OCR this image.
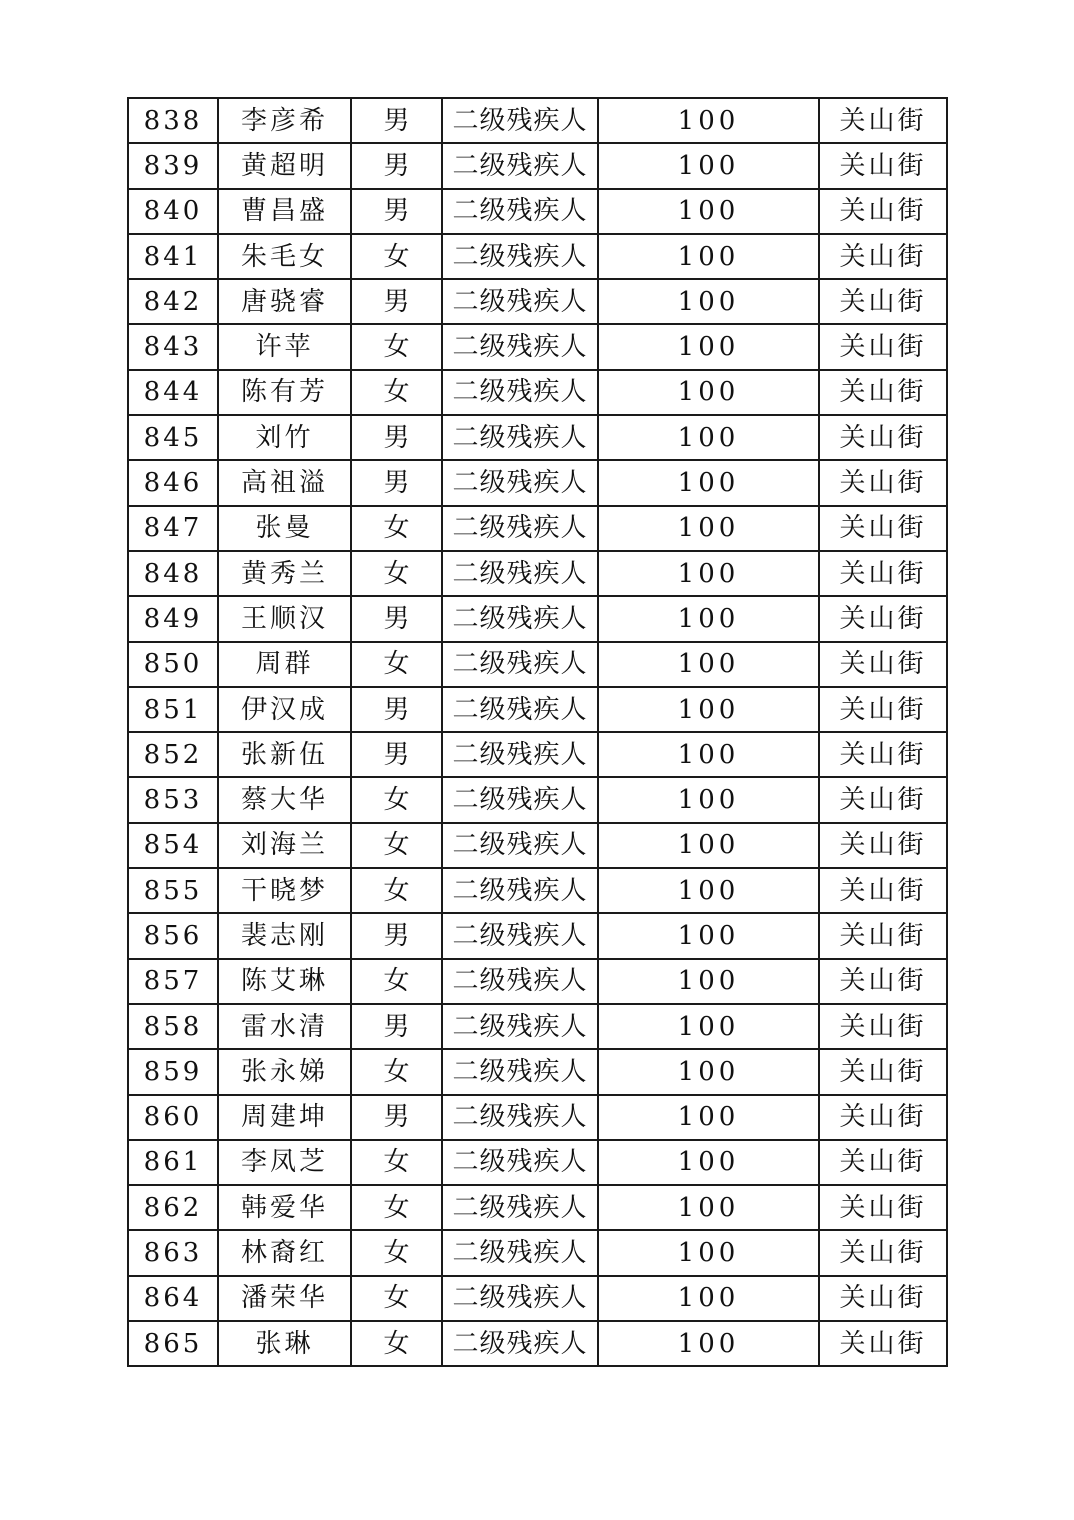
838	李彦希	男	二级残疾人	100	关山街
839	黄超明	男	二级残疾人	100	关山街
840	曹昌盛	男	二级残疾人	100	关山街
841	朱毛女	女	二级残疾人	100	关山街
842	唐骁睿	男	二级残疾人	100	关山街
843	许苹	女	二级残疾人	100	关山街
844	陈有芳	女	二级残疾人	100	关山街
845	刘竹	男	二级残疾人	100	关山街
846	高祖溢	男	二级残疾人	100	关山街
847	张曼	女	二级残疾人	100	关山街
848	黄秀兰	女	二级残疾人	100	关山街
849	王顺汉	男	二级残疾人	100	关山街
850	周群	女	二级残疾人	100	关山街
851	伊汉成	男	二级残疾人	100	关山街
852	张新伍	男	二级残疾人	100	关山街
853	蔡大华	女	二级残疾人	100	关山街
854	刘海兰	女	二级残疾人	100	关山街
855	干晓梦	女	二级残疾人	100	关山街
856	裴志刚	男	二级残疾人	100	关山街
857	陈艾琳	女	二级残疾人	100	关山街
858	雷水清	男	二级残疾人	100	关山街
859	张永娣	女	二级残疾人	100	关山街
860	周建坤	男	二级残疾人	100	关山街
861	李凤芝	女	二级残疾人	100	关山街
862	韩爱华	女	二级残疾人	100	关山街
863	林裔红	女	二级残疾人	100	关山街
864	潘荣华	女	二级残疾人	100	关山街
865	张琳	女	二级残疾人	100	关山街
